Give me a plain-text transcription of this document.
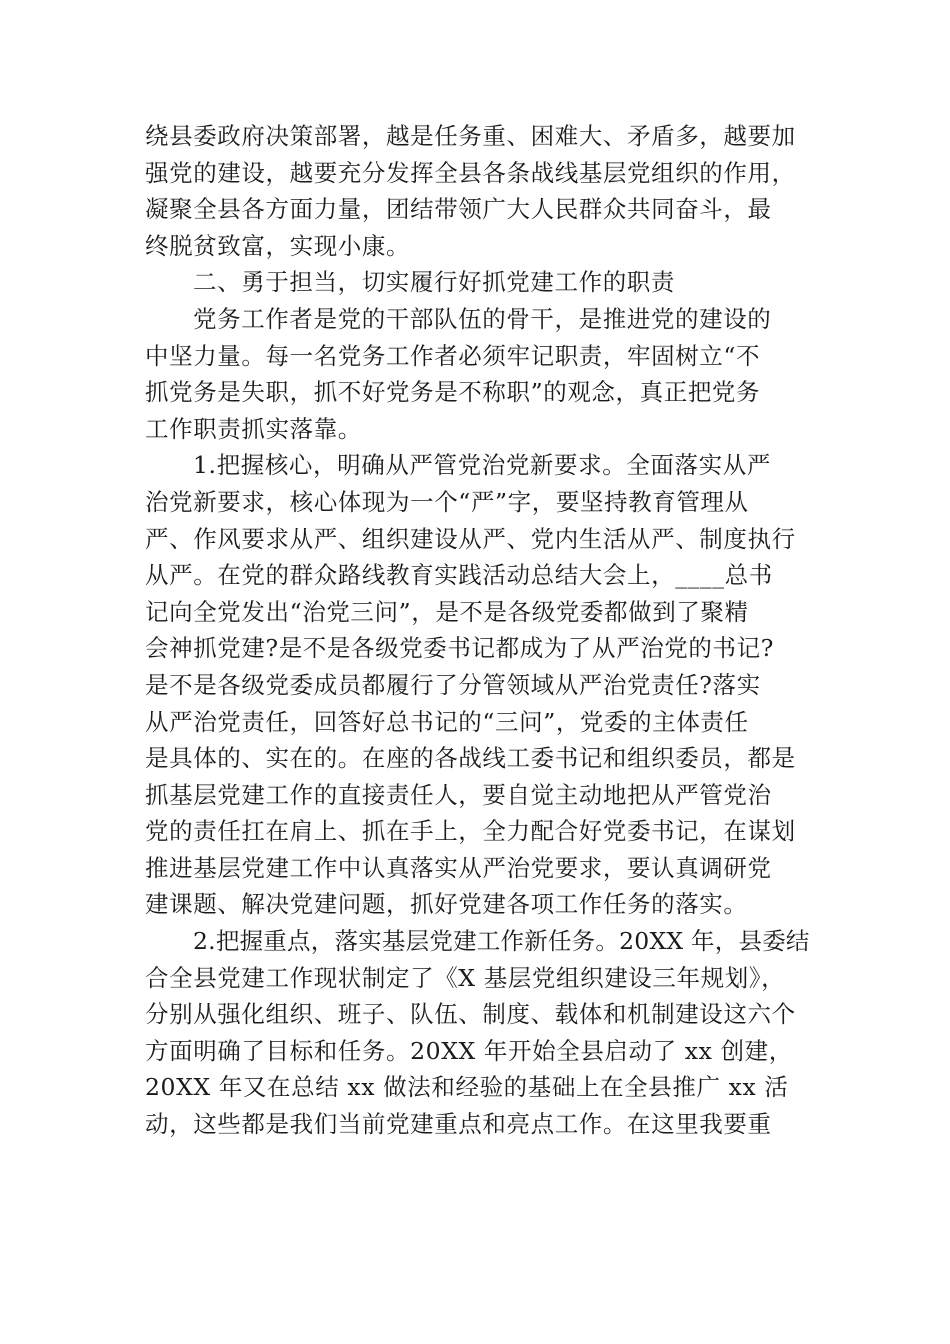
绕县委政府决策部署，越是任务重、困难大、矛盾多，越要加
强党的建设，越要充分发挥全县各条战线基层党组织的作用，
凝聚全县各方面力量，团结带领广大人民群众共同奋斗，最
终脱贫致富，实现小康。
二、勇于担当，切实履行好抓党建工作的职责
党务工作者是党的干部队伍的骨干，是推进党的建设的
中坚力量。每一名党务工作者必须牢记职责，牢固树立“不
抓党务是失职，抓不好党务是不称职”的观念，真正把党务
工作职责抓实落靠。
1.把握核心，明确从严管党治党新要求。全面落实从严
治党新要求，核心体现为一个“严”字，要坚持教育管理从
严、作风要求从严、组织建设从严、党内生活从严、制度执行
从严。在党的群众路线教育实践活动总结大会上，____总书
记向全党发出“治党三问”，是不是各级党委都做到了聚精
会神抓党建?是不是各级党委书记都成为了从严治党的书记?
是不是各级党委成员都履行了分管领域从严治党责任?落实
从严治党责任，回答好总书记的“三问”，党委的主体责任
是具体的、实在的。在座的各战线工委书记和组织委员，都是
抓基层党建工作的直接责任人，要自觉主动地把从严管党治
党的责任扛在肩上、抓在手上，全力配合好党委书记，在谋划
推进基层党建工作中认真落实从严治党要求，要认真调研党
建课题、解决党建问题，抓好党建各项工作任务的落实。
2.把握重点，落实基层党建工作新任务。20XX 年，县委结
合全县党建工作现状制定了《X 基层党组织建设三年规划》，
分别从强化组织、班子、队伍、制度、载体和机制建设这六个
方面明确了目标和任务。20XX 年开始全县启动了 xx 创建，
20XX 年又在总结 xx 做法和经验的基础上在全县推广 xx 活
动，这些都是我们当前党建重点和亮点工作。在这里我要重
